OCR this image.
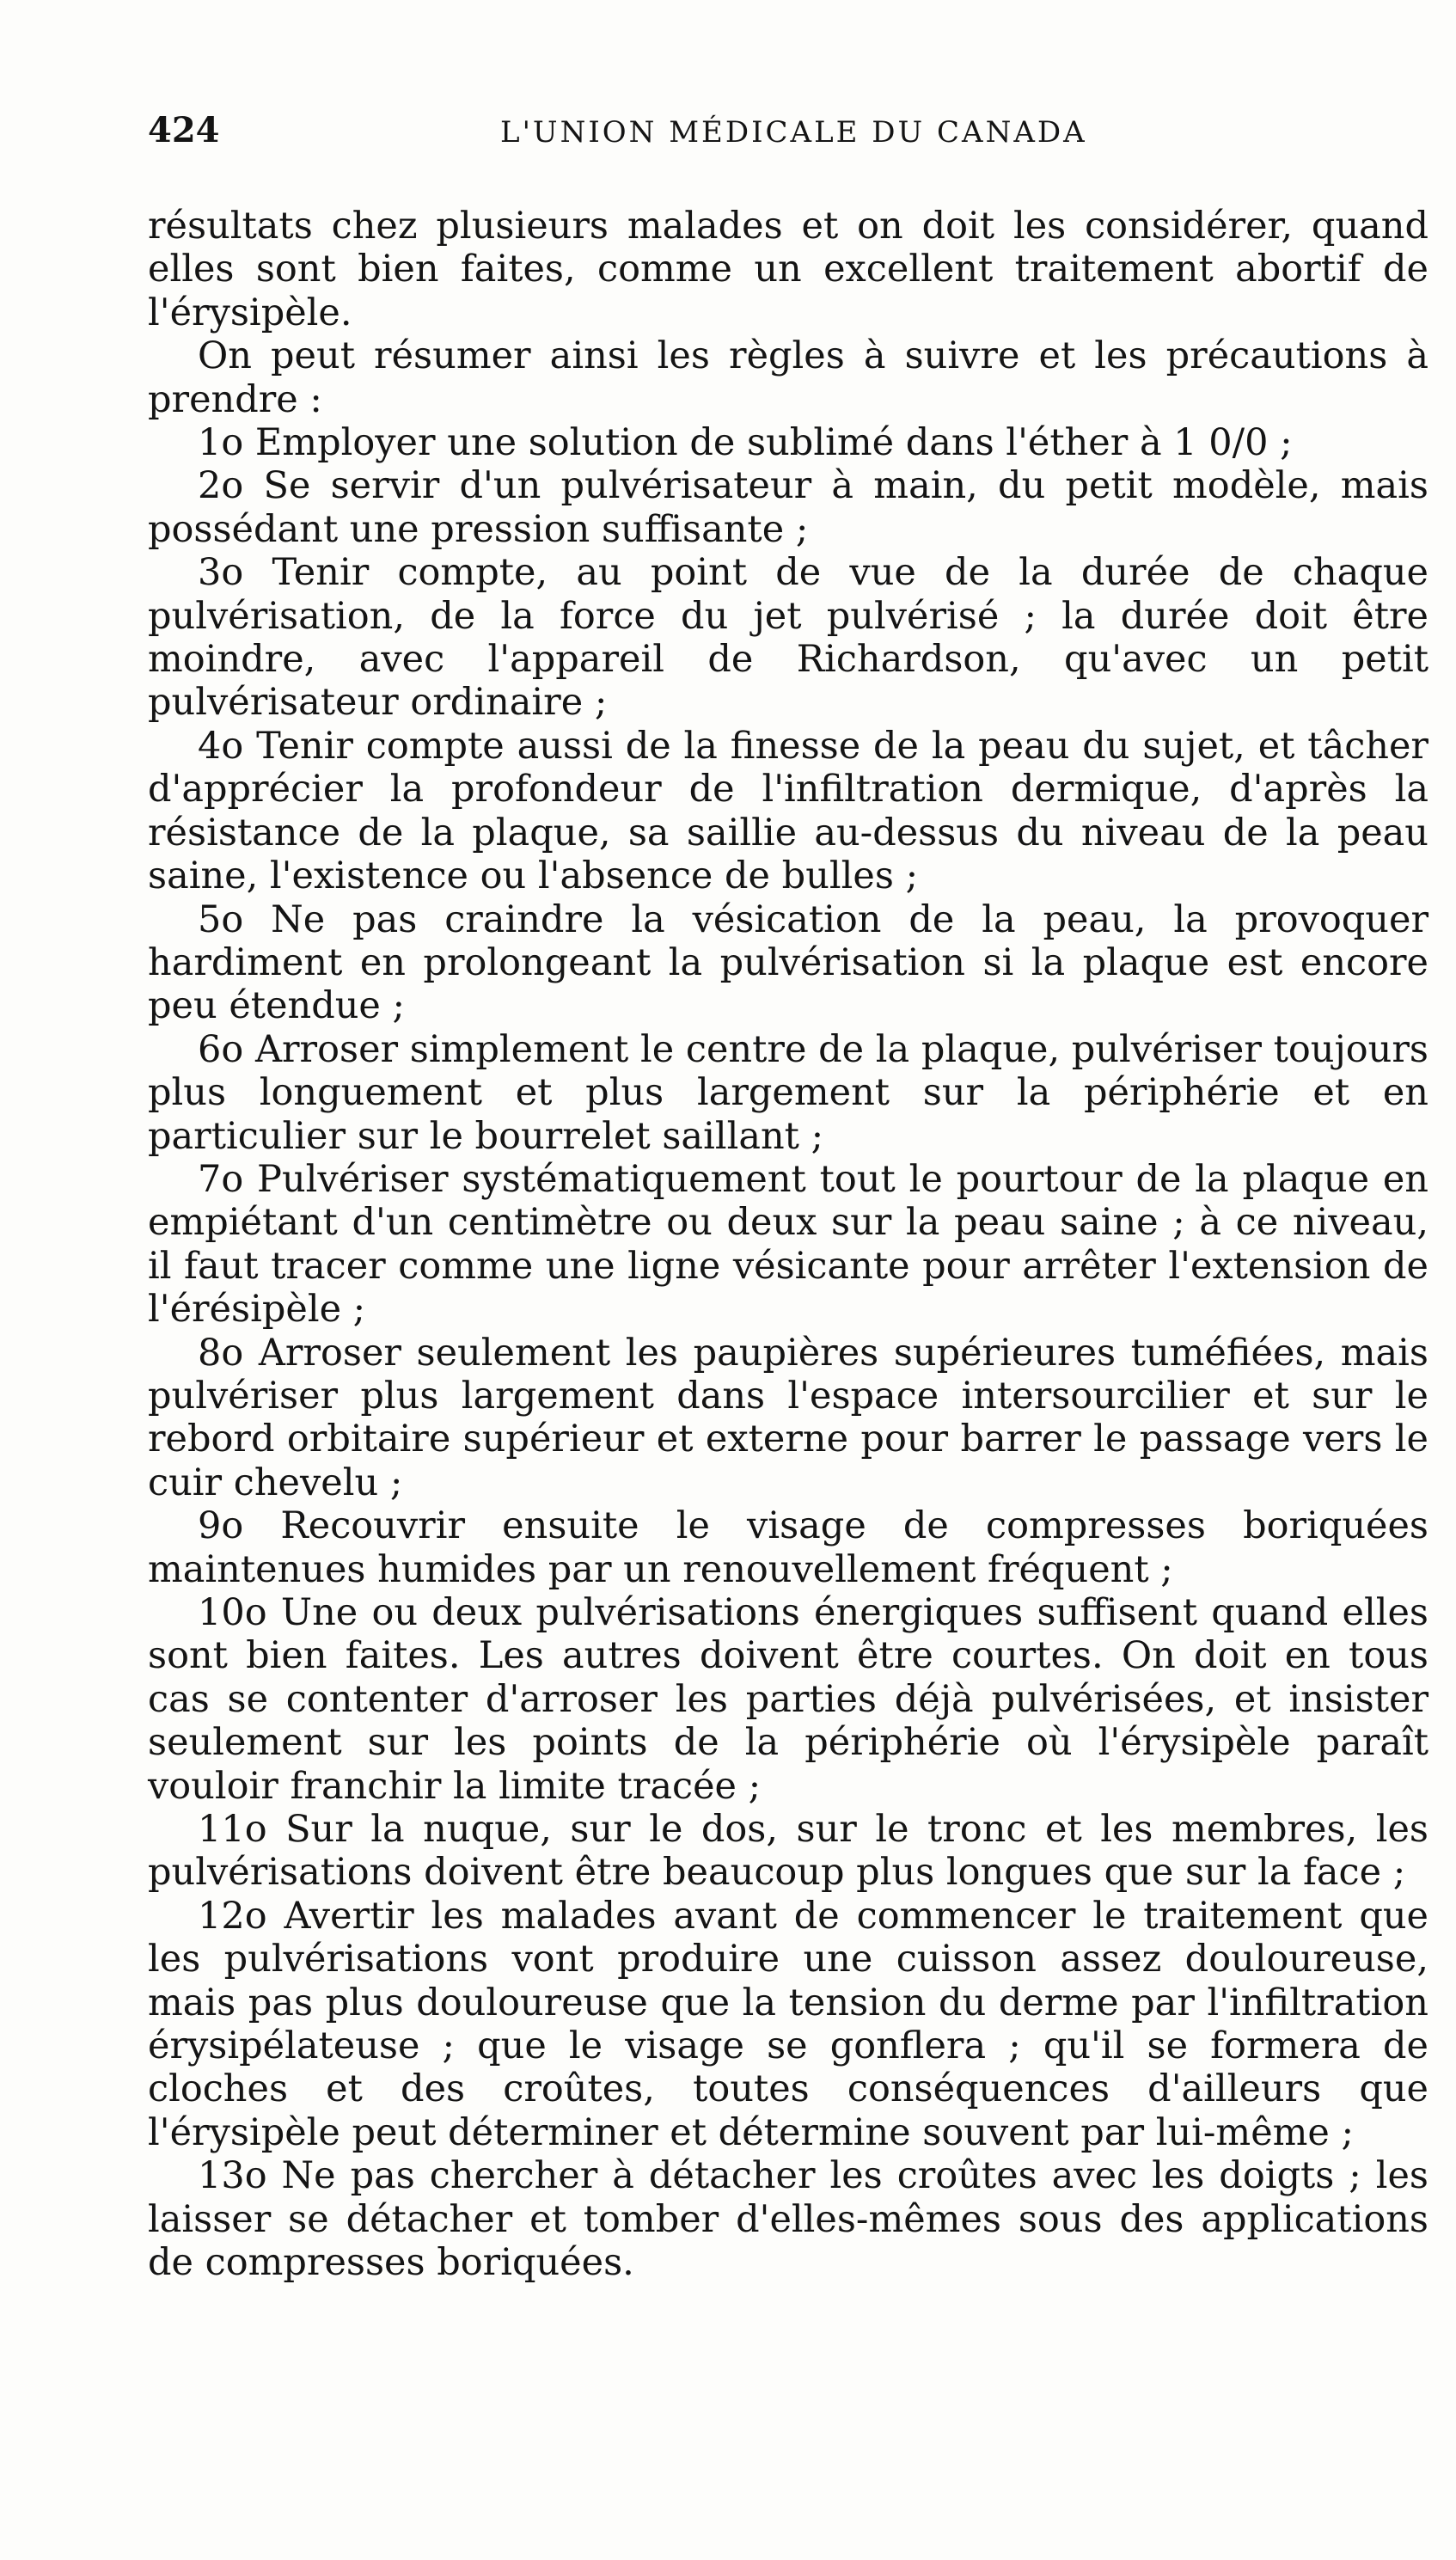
424	L'UNION MÉDICALE DU CANADA

résultats chez plusieurs malades et on doit les considérer, quand elles sont bien faites, comme un excellent traitement abortif de l'érysipèle.

On peut résumer ainsi les règles à suivre et les précautions à prendre :

1o Employer une solution de sublimé dans l'éther à 1 0/0 ;

2o Se servir d'un pulvérisateur à main, du petit modèle, mais possédant une pression suffisante ;

3o Tenir compte, au point de vue de la durée de chaque pulvérisation, de la force du jet pulvérisé ; la durée doit être moindre, avec l'appareil de Richardson, qu'avec un petit pulvérisateur ordinaire ;

4o Tenir compte aussi de la finesse de la peau du sujet, et tâcher d'apprécier la profondeur de l'infiltration dermique, d'après la résistance de la plaque, sa saillie au-dessus du niveau de la peau saine, l'existence ou l'absence de bulles ;

5o Ne pas craindre la vésication de la peau, la provoquer hardiment en prolongeant la pulvérisation si la plaque est encore peu étendue ;

6o Arroser simplement le centre de la plaque, pulvériser toujours plus longuement et plus largement sur la périphérie et en particulier sur le bourrelet saillant ;

7o Pulvériser systématiquement tout le pourtour de la plaque en empiétant d'un centimètre ou deux sur la peau saine ; à ce niveau, il faut tracer comme une ligne vésicante pour arrêter l'extension de l'érésipèle ;

8o Arroser seulement les paupières supérieures tuméfiées, mais pulvériser plus largement dans l'espace intersourcilier et sur le rebord orbitaire supérieur et externe pour barrer le passage vers le cuir chevelu ;

9o Recouvrir ensuite le visage de compresses boriquées maintenues humides par un renouvellement fréquent ;

10o Une ou deux pulvérisations énergiques suffisent quand elles sont bien faites. Les autres doivent être courtes. On doit en tous cas se contenter d'arroser les parties déjà pulvérisées, et insister seulement sur les points de la périphérie où l'érysipèle paraît vouloir franchir la limite tracée ;

11o Sur la nuque, sur le dos, sur le tronc et les membres, les pulvérisations doivent être beaucoup plus longues que sur la face ;

12o Avertir les malades avant de commencer le traitement que les pulvérisations vont produire une cuisson assez douloureuse, mais pas plus douloureuse que la tension du derme par l'infiltration érysipélateuse ; que le visage se gonflera ; qu'il se formera de cloches et des croûtes, toutes conséquences d'ailleurs que l'érysipèle peut déterminer et détermine souvent par lui-même ;

13o Ne pas chercher à détacher les croûtes avec les doigts ; les laisser se détacher et tomber d'elles-mêmes sous des applications de compresses boriquées.
